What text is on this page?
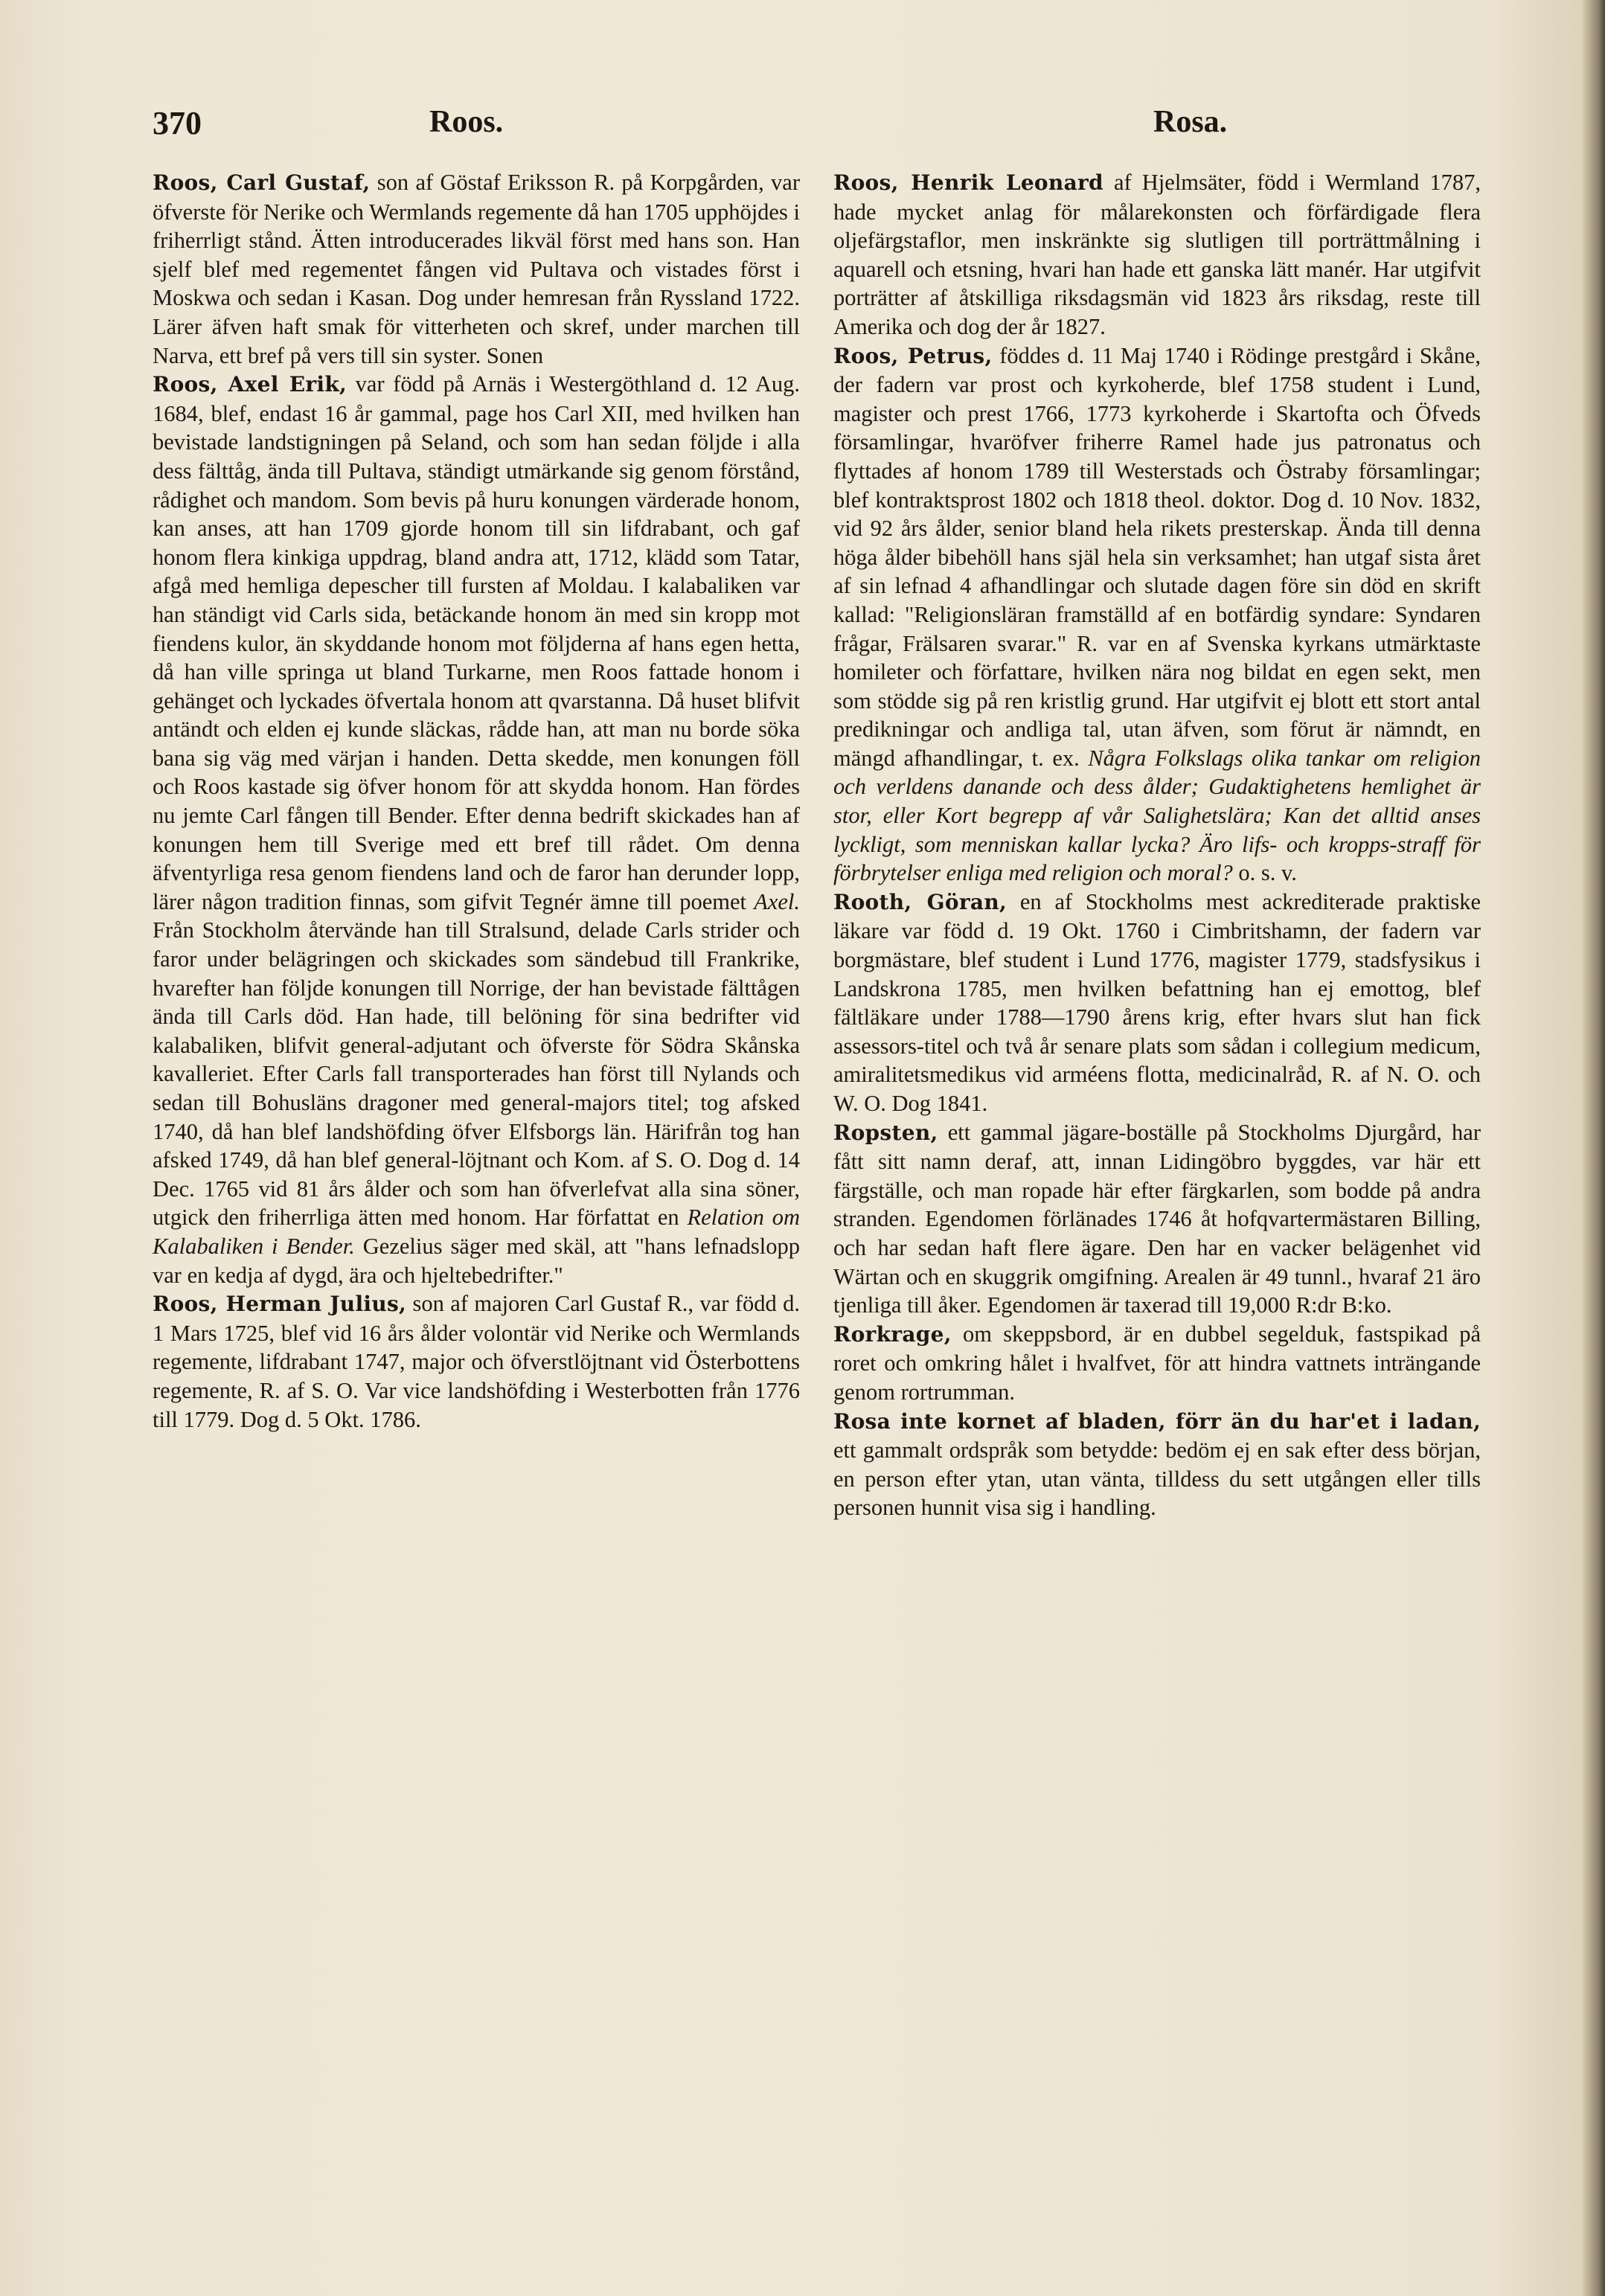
370	Roos.	Rosa.

Roos, Carl Gustaf, son af Göstaf Eriksson R. på Korpgården, var öfverste för Nerike och Wermlands regemente då han 1705 upphöjdes i friherrligt stånd. Ätten introducerades likväl först med hans son. Han sjelf blef med regementet fången vid Pultava och vistades först i Moskwa och sedan i Kasan. Dog under hemresan från Ryssland 1722. Lärer äfven haft smak för vitterheten och skref, under marchen till Narva, ett bref på vers till sin syster. Sonen

Roos, Axel Erik, var född på Arnäs i Westergöthland d. 12 Aug. 1684, blef, endast 16 år gammal, page hos Carl XII, med hvilken han bevistade landstigningen på Seland, och som han sedan följde i alla dess fälttåg, ända till Pultava, ständigt utmärkande sig genom förstånd, rådighet och mandom. Som bevis på huru konungen värderade honom, kan anses, att han 1709 gjorde honom till sin lifdrabant, och gaf honom flera kinkiga uppdrag, bland andra att, 1712, klädd som Tatar, afgå med hemliga depescher till fursten af Moldau. I kalabaliken var han ständigt vid Carls sida, betäckande honom än med sin kropp mot fiendens kulor, än skyddande honom mot följderna af hans egen hetta, då han ville springa ut bland Turkarne, men Roos fattade honom i gehänget och lyckades öfvertala honom att qvarstanna. Då huset blifvit antändt och elden ej kunde släckas, rådde han, att man nu borde söka bana sig väg med värjan i handen. Detta skedde, men konungen föll och Roos kastade sig öfver honom för att skydda honom. Han fördes nu jemte Carl fången till Bender. Efter denna bedrift skickades han af konungen hem till Sverige med ett bref till rådet. Om denna äfventyrliga resa genom fiendens land och de faror han derunder lopp, lärer någon tradition finnas, som gifvit Tegnér ämne till poemet Axel. Från Stockholm återvände han till Stralsund, delade Carls strider och faror under belägringen och skickades som sändebud till Frankrike, hvarefter han följde konungen till Norrige, der han bevistade fälttågen ända till Carls död. Han hade, till belöning för sina bedrifter vid kalabaliken, blifvit general-adjutant och öfverste för Södra Skånska kavalleriet. Efter Carls fall transporterades han först till Nylands och sedan till Bohusläns dragoner med general-majors titel; tog afsked 1740, då han blef landshöfding öfver Elfsborgs län. Härifrån tog han afsked 1749, då han blef general-löjtnant och Kom. af S. O. Dog d. 14 Dec. 1765 vid 81 års ålder och som han öfverlefvat alla sina söner, utgick den friherrliga ätten med honom. Har författat en Relation om Kalabaliken i Bender. Gezelius säger med skäl, att "hans lefnadslopp var en kedja af dygd, ära och hjeltebedrifter."

Roos, Herman Julius, son af majoren Carl Gustaf R., var född d. 1 Mars 1725, blef vid 16 års ålder volontär vid Nerike och Wermlands regemente, lifdrabant 1747, major och öfverstlöjtnant vid Österbottens regemente, R. af S. O. Var vice landshöfding i Westerbotten från 1776 till 1779. Dog d. 5 Okt. 1786.

Roos, Henrik Leonard af Hjelmsäter, född i Wermland 1787, hade mycket anlag för målarekonsten och förfärdigade flera oljefärgstaflor, men inskränkte sig slutligen till porträttmålning i aquarell och etsning, hvari han hade ett ganska lätt manér. Har utgifvit porträtter af åtskilliga riksdagsmän vid 1823 års riksdag, reste till Amerika och dog der år 1827.

Roos, Petrus, föddes d. 11 Maj 1740 i Rödinge prestgård i Skåne, der fadern var prost och kyrkoherde, blef 1758 student i Lund, magister och prest 1766, 1773 kyrkoherde i Skartofta och Öfveds församlingar, hvaröfver friherre Ramel hade jus patronatus och flyttades af honom 1789 till Westerstads och Östraby församlingar; blef kontraktsprost 1802 och 1818 theol. doktor. Dog d. 10 Nov. 1832, vid 92 års ålder, senior bland hela rikets presterskap. Ända till denna höga ålder bibehöll hans själ hela sin verksamhet; han utgaf sista året af sin lefnad 4 afhandlingar och slutade dagen före sin död en skrift kallad: "Religionsläran framställd af en botfärdig syndare: Syndaren frågar, Frälsaren svarar." R. var en af Svenska kyrkans utmärktaste homileter och författare, hvilken nära nog bildat en egen sekt, men som stödde sig på ren kristlig grund. Har utgifvit ej blott ett stort antal predikningar och andliga tal, utan äfven, som förut är nämndt, en mängd afhandlingar, t. ex. Några Folkslags olika tankar om religion och verldens danande och dess ålder; Gudaktighetens hemlighet är stor, eller Kort begrepp af vår Salighetslära; Kan det alltid anses lyckligt, som menniskan kallar lycka? Äro lifs- och kropps-straff för förbrytelser enliga med religion och moral? o. s. v.

Rooth, Göran, en af Stockholms mest ackrediterade praktiske läkare var född d. 19 Okt. 1760 i Cimbritshamn, der fadern var borgmästare, blef student i Lund 1776, magister 1779, stadsfysikus i Landskrona 1785, men hvilken befattning han ej emottog, blef fältläkare under 1788—1790 årens krig, efter hvars slut han fick assessors-titel och två år senare plats som sådan i collegium medicum, amiralitetsmedikus vid arméens flotta, medicinalråd, R. af N. O. och W. O. Dog 1841.

Ropsten, ett gammal jägare-boställe på Stockholms Djurgård, har fått sitt namn deraf, att, innan Lidingöbro byggdes, var här ett färgställe, och man ropade här efter färgkarlen, som bodde på andra stranden. Egendomen förlänades 1746 åt hofqvartermästaren Billing, och har sedan haft flere ägare. Den har en vacker belägenhet vid Wärtan och en skuggrik omgifning. Arealen är 49 tunnl., hvaraf 21 äro tjenliga till åker. Egendomen är taxerad till 19,000 R:dr B:ko.

Rorkrage, om skeppsbord, är en dubbel segelduk, fastspikad på roret och omkring hålet i hvalfvet, för att hindra vattnets inträngande genom rortrumman.

Rosa inte kornet af bladen, förr än du har'et i ladan, ett gammalt ordspråk som betydde: bedöm ej en sak efter dess början, en person efter ytan, utan vänta, tilldess du sett utgången eller tills personen hunnit visa sig i handling.
